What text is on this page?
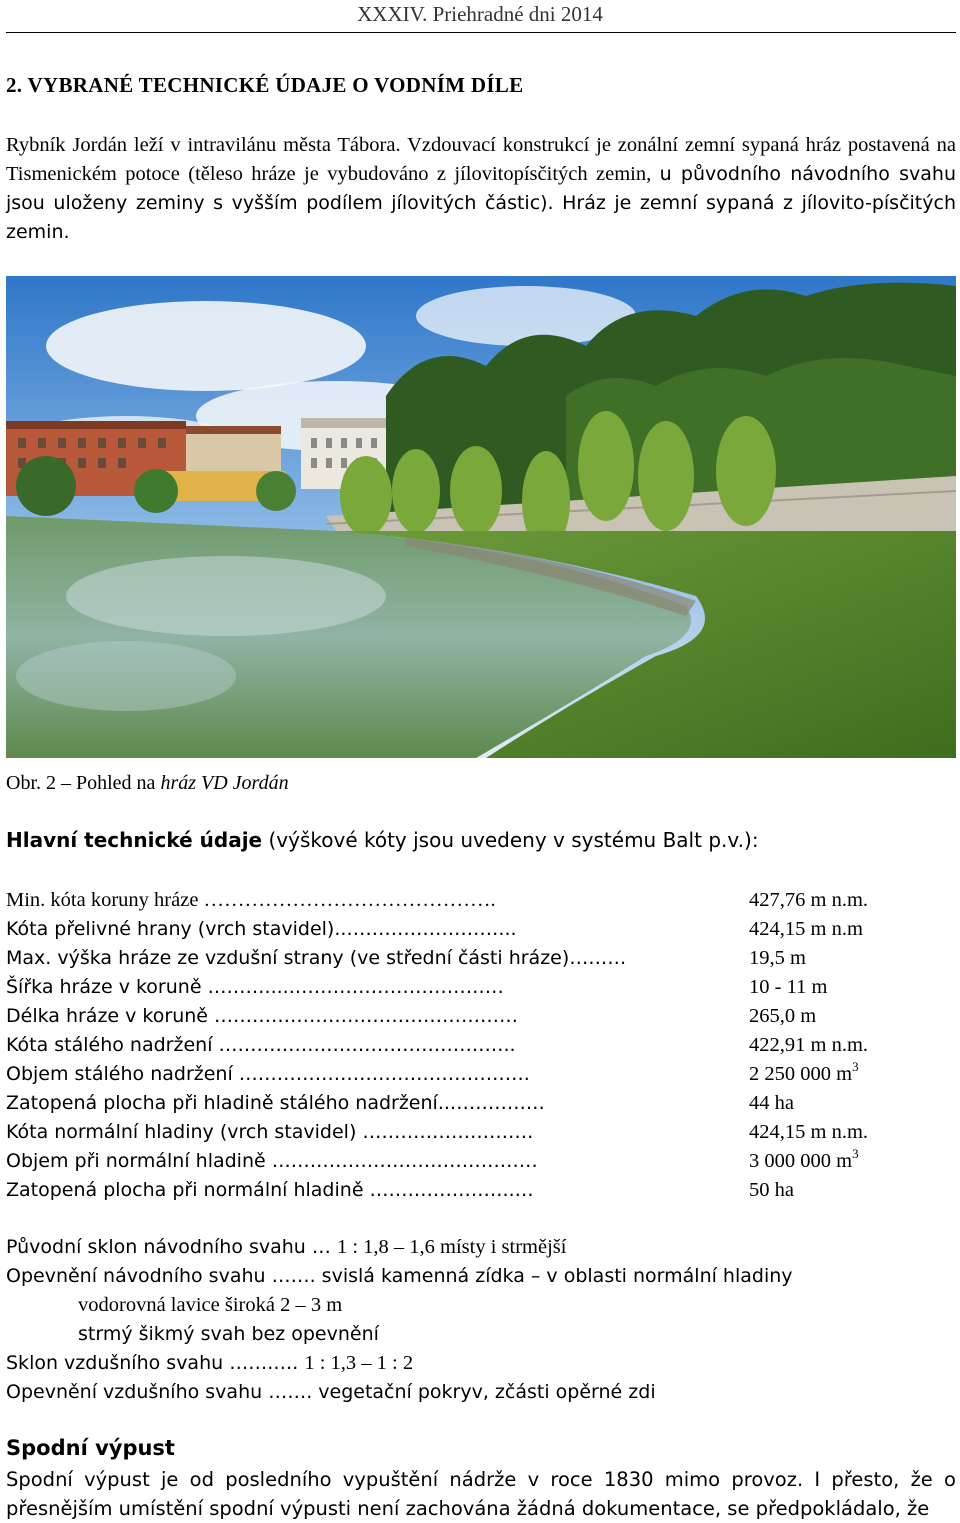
XXXIV. Priehradné dni 2014
2. VYBRANÉ TECHNICKÉ ÚDAJE O VODNÍM DÍLE
Rybník Jordán leží v intravilánu města Tábora. Vzdouvací konstrukcí je zonální zemní sypaná hráz postavená na Tismenickém potoce (těleso hráze je vybudováno z jílovitopísčitých zemin, u původního návodního svahu jsou uloženy zeminy s vyšším podílem jílovitých částic). Hráz je zemní sypaná z jílovito-písčitých zemin.
Obr. 2 – Pohled na hráz VD Jordán
Hlavní technické údaje (výškové kóty jsou uvedeny v systému Balt p.v.):
Min. kóta koruny hráze …………………………………….	427,76 m n.m.
Kóta přelivné hrany (vrch stavidel)..……………………...	424,15 m n.m
Max. výška hráze ze vzdušní strany (ve střední části hráze)………	19,5 m
Šířka hráze v koruně ……….....……………………………	10 - 11 m
Délka hráze v koruně …………………………………………	265,0 m
Kóta stálého nadržení ………………………………………..	422,91 m n.m.
Objem stálého nadržení ……………………………………….	2 250 000 $m^3$
Zatopená plocha při hladině stálého nadržení..……………	44 ha
Kóta normální hladiny (vrch stavidel) ………………………	424,15 m n.m.
Objem při normální hladině ……………………………………	3 000 000 $m^3$
Zatopená plocha při normální hladině …………………..…	50 ha
Původní sklon návodního svahu … 1 : 1,8 – 1,6 místy i strmější
Opevnění návodního svahu ……. svislá kamenná zídka – v oblasti normální hladiny
vodorovná lavice široká 2 – 3 m
strmý šikmý svah bez opevnění
Sklon vzdušního svahu …….…. 1 : 1,3 – 1 : 2
Opevnění vzdušního svahu ……. vegetační pokryv, zčásti opěrné zdi
Spodní výpust
Spodní výpust je od posledního vypuštění nádrže v roce 1830 mimo provoz. I přesto, že o přesnějším umístění spodní výpusti není zachována žádná dokumentace, se předpokládalo, že
